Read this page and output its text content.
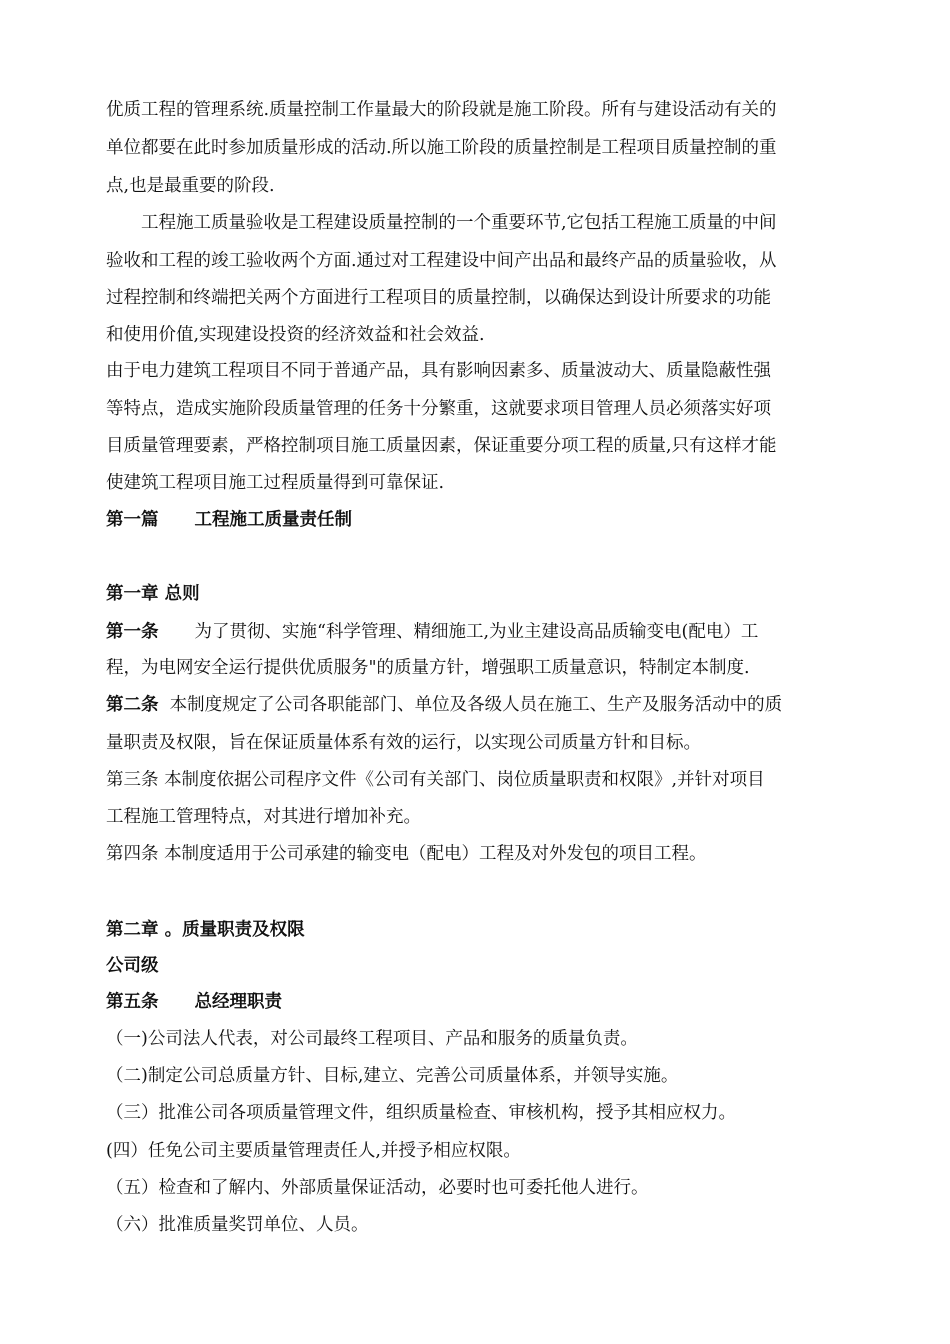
优质工程的管理系统.质量控制工作量最大的阶段就是施工阶段。所有与建设活动有关的
单位都要在此时参加质量形成的活动.所以施工阶段的质量控制是工程项目质量控制的重
点,也是最重要的阶段.
工程施工质量验收是工程建设质量控制的一个重要环节,它包括工程施工质量的中间
验收和工程的竣工验收两个方面.通过对工程建设中间产出品和最终产品的质量验收，从
过程控制和终端把关两个方面进行工程项目的质量控制，以确保达到设计所要求的功能
和使用价值,实现建设投资的经济效益和社会效益.
由于电力建筑工程项目不同于普通产品，具有影响因素多、质量波动大、质量隐蔽性强
等特点，造成实施阶段质量管理的任务十分繁重，这就要求项目管理人员必须落实好项
目质量管理要素，严格控制项目施工质量因素，保证重要分项工程的质量,只有这样才能
使建筑工程项目施工过程质量得到可靠保证.
第一篇 工程施工质量责任制
第一章 总则
第一条 为了贯彻、实施“科学管理、精细施工,为业主建设高品质输变电(配电）工
程，为电网安全运行提供优质服务"的质量方针，增强职工质量意识，特制定本制度.
第二条 本制度规定了公司各职能部门、单位及各级人员在施工、生产及服务活动中的质
量职责及权限，旨在保证质量体系有效的运行，以实现公司质量方针和目标。
第三条 本制度依据公司程序文件《公司有关部门、岗位质量职责和权限》,并针对项目
工程施工管理特点，对其进行增加补充。
第四条 本制度适用于公司承建的输变电（配电）工程及对外发包的项目工程。
第二章 。质量职责及权限
公司级
第五条 总经理职责
（一)公司法人代表，对公司最终工程项目、产品和服务的质量负责。
（二)制定公司总质量方针、目标,建立、完善公司质量体系，并领导实施。
（三）批准公司各项质量管理文件，组织质量检查、审核机构，授予其相应权力。
(四）任免公司主要质量管理责任人,并授予相应权限。
（五）检查和了解内、外部质量保证活动，必要时也可委托他人进行。
（六）批准质量奖罚单位、人员。
